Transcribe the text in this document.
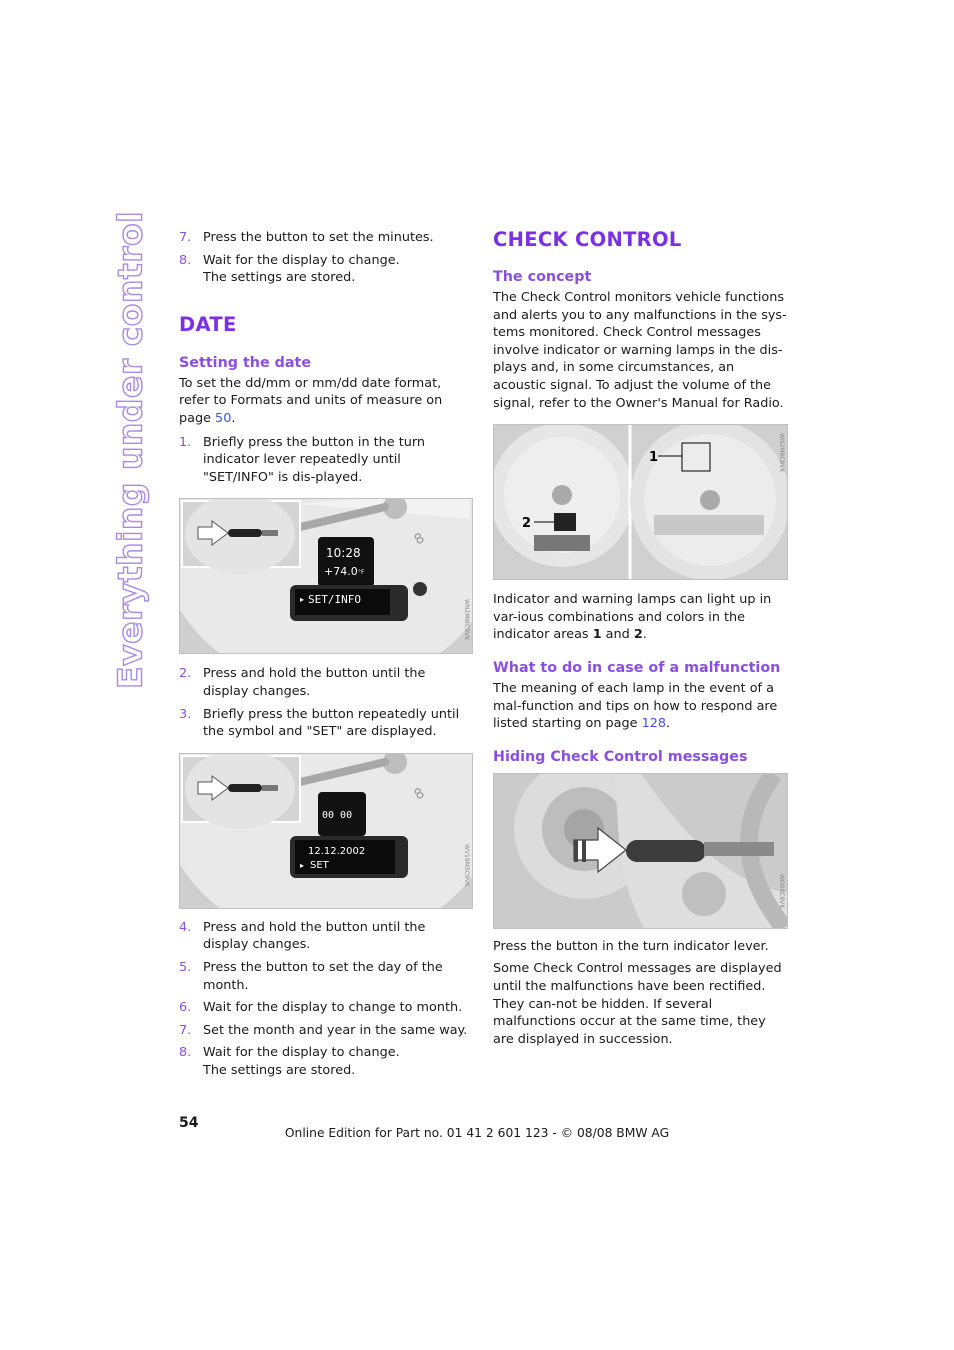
Everything under control 7. Press the button to set the minutes.
8. Wait for the display to change.
The settings are stored.
DATE
Setting the date

To set the dd/mm or mm/dd date format, refer to Formats and units of measure on page 50.

1. Briefly press the button in the turn indicator lever repeatedly until "SET/INFO" is dis-played.
10:28
+74.0 °F
▸ SET/INFO
8
WN2MI8C9VK
2. Press and hold the button until the display changes.
3. Briefly press the button repeatedly until the symbol and "SET" are displayed.
00 00
12.12.2002
▸ SET
8
WV19M5C9VK
4. Press and hold the button until the display changes.
5. Press the button to set the day of the month.
6. Wait for the display to change to month.
7. Set the month and year in the same way.
8. Wait for the display to change.
The settings are stored.
CHECK CONTROL
The concept

The Check Control monitors vehicle functions and alerts you to any malfunctions in the sys-tems monitored. Check Control messages involve indicator or warning lamps in the dis-plays and, in some circumstances, an acoustic signal. To adjust the volume of the signal, refer to the Owner's Manual for Radio.

2
1	WN2M8C8VK

Indicator and warning lamps can light up in var-ious combinations and colors in the indicator areas 1 and 2.

What to do in case of a malfunction

The meaning of each lamp in the event of a mal-function and tips on how to respond are listed starting on page 128.

Hiding Check Control messages
WO08C8VK

Press the button in the turn indicator lever.

Some Check Control messages are displayed until the malfunctions have been rectified. They can-not be hidden. If several malfunctions occur at the same time, they are displayed in succession.

54
Online Edition for Part no. 01 41 2 601 123 - © 08/08 BMW AG
